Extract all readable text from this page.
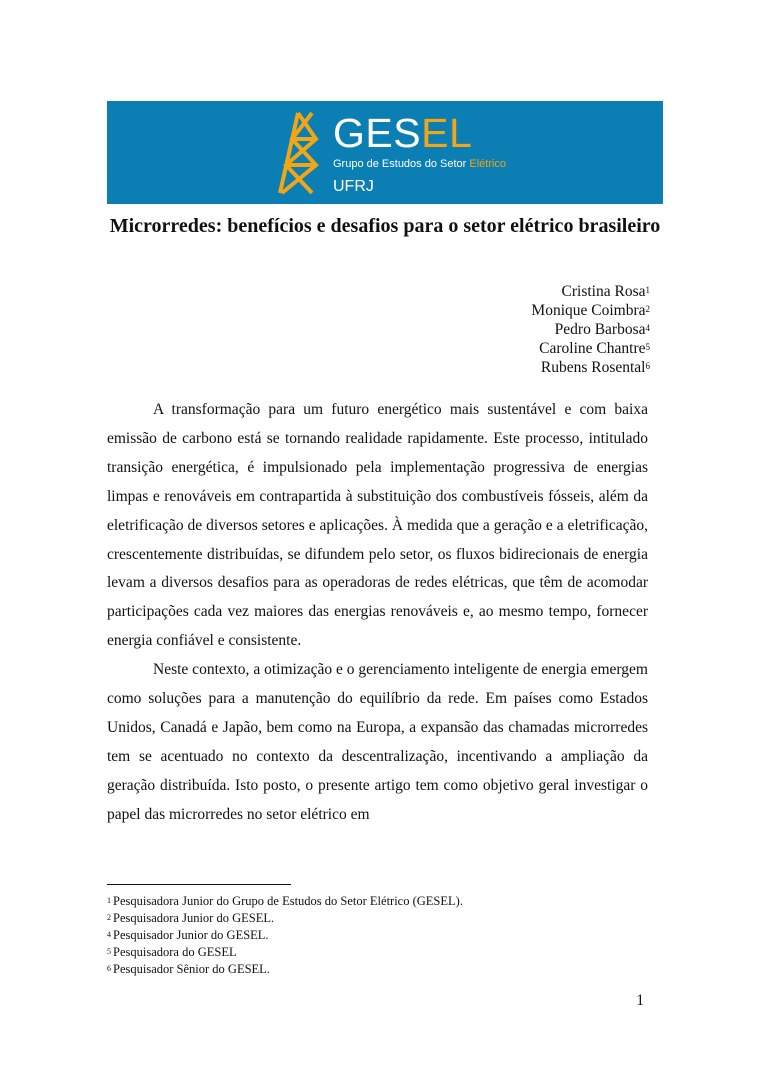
GESEL
Grupo de Estudos do Setor Elétrico
UFRJ
Microrredes: benefícios e desafios para o setor elétrico brasileiro
Cristina Rosa$^1$
Monique Coimbra$^2$
Pedro Barbosa$^4$
Caroline Chantre$^5$
Rubens Rosental$^6$

A transformação para um futuro energético mais sustentável e com baixa emissão de carbono está se tornando realidade rapidamente. Este processo, intitulado transição energética, é impulsionado pela implementação progressiva de energias limpas e renováveis em contrapartida à substituição dos combustíveis fósseis, além da eletrificação de diversos setores e aplicações. À medida que a geração e a eletrificação, crescentemente distribuídas, se difundem pelo setor, os fluxos bidirecionais de energia levam a diversos desafios para as operadoras de redes elétricas, que têm de acomodar participações cada vez maiores das energias renováveis e, ao mesmo tempo, fornecer energia confiável e consistente.

Neste contexto, a otimização e o gerenciamento inteligente de energia emergem como soluções para a manutenção do equilíbrio da rede. Em países como Estados Unidos, Canadá e Japão, bem como na Europa, a expansão das chamadas microrredes tem se acentuado no contexto da descentralização, incentivando a ampliação da geração distribuída. Isto posto, o presente artigo tem como objetivo geral investigar o papel das microrredes no setor elétrico em

$^1$ Pesquisadora Junior do Grupo de Estudos do Setor Elétrico (GESEL).
$^2$ Pesquisadora Junior do GESEL.
$^4$ Pesquisador Junior do GESEL.
$^5$ Pesquisadora do GESEL
$^6$ Pesquisador Sênior do GESEL.
1
